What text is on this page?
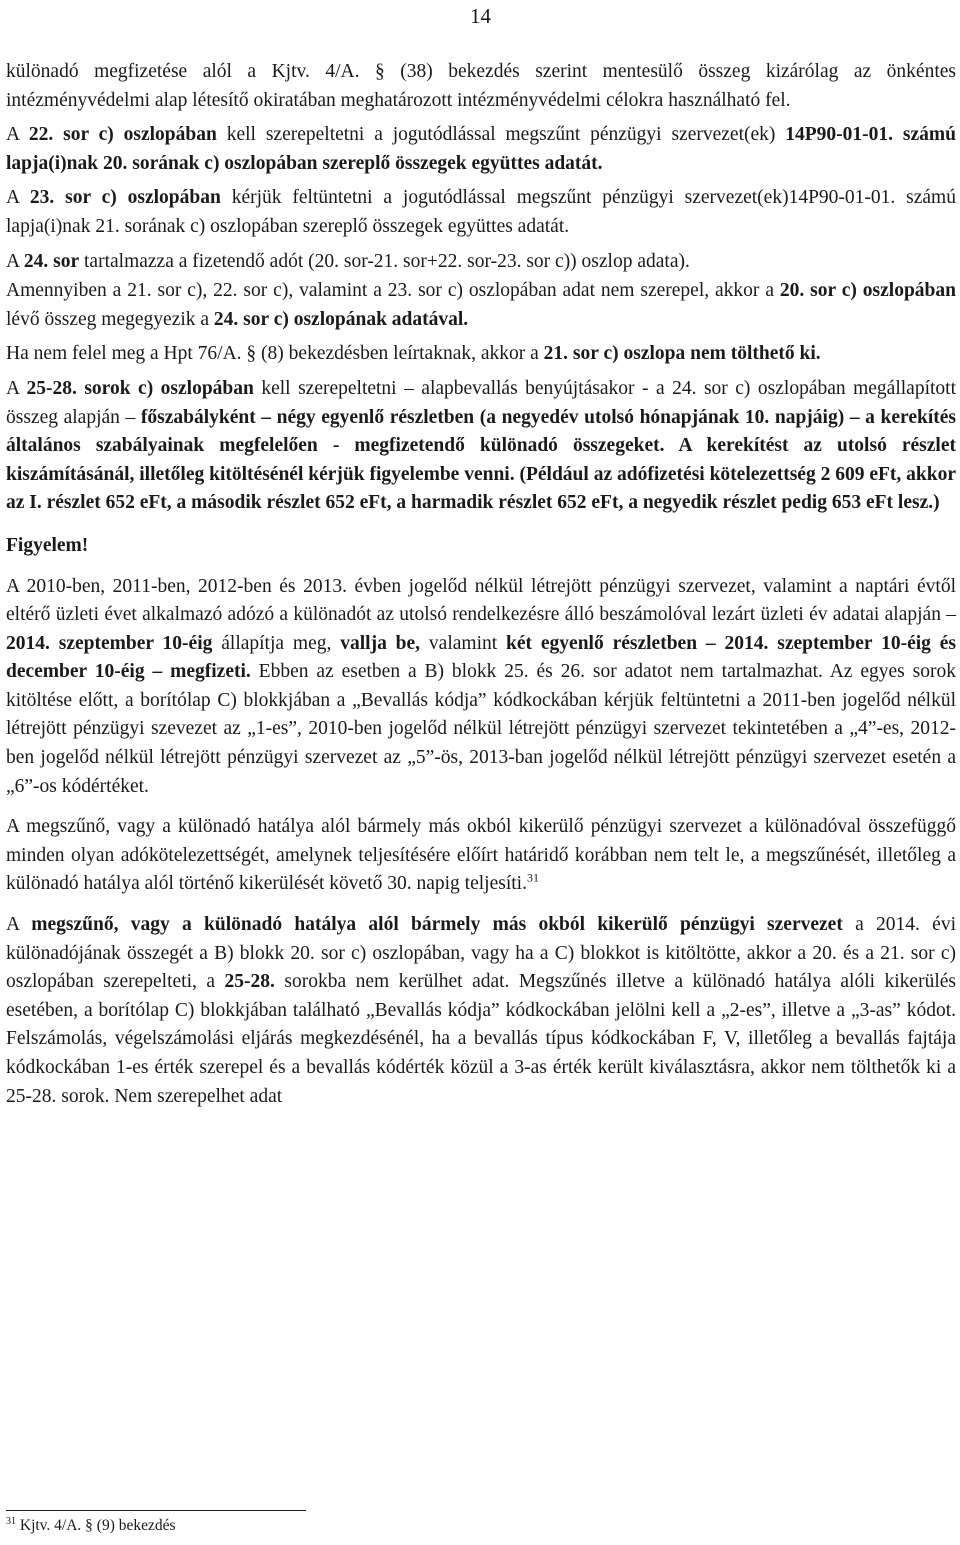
14

különadó megfizetése alól a Kjtv. 4/A. § (38) bekezdés szerint mentesülő összeg kizárólag az önkéntes intézményvédelmi alap létesítő okiratában meghatározott intézményvédelmi célokra használható fel.

A 22. sor c) oszlopában kell szerepeltetni a jogutódlással megszűnt pénzügyi szervezet(ek) 14P90-01-01. számú lapja(i)nak 20. sorának c) oszlopában szereplő összegek együttes adatát.

A 23. sor c) oszlopában kérjük feltüntetni a jogutódlással megszűnt pénzügyi szervezet(ek)14P90-01-01. számú lapja(i)nak 21. sorának c) oszlopában szereplő összegek együttes adatát.

A 24. sor tartalmazza a fizetendő adót (20. sor-21. sor+22. sor-23. sor c)) oszlop adata).

Amennyiben a 21. sor c), 22. sor c), valamint a 23. sor c) oszlopában adat nem szerepel, akkor a 20. sor c) oszlopában lévő összeg megegyezik a 24. sor c) oszlopának adatával.

Ha nem felel meg a Hpt 76/A. § (8) bekezdésben leírtaknak, akkor a 21. sor c) oszlopa nem tölthető ki.

A 25-28. sorok c) oszlopában kell szerepeltetni – alapbevallás benyújtásakor - a 24. sor c) oszlopában megállapított összeg alapján – főszabályként – négy egyenlő részletben (a negyedév utolsó hónapjának 10. napjáig) – a kerekítés általános szabályainak megfelelően - megfizetendő különadó összegeket. A kerekítést az utolsó részlet kiszámításánál, illetőleg kitöltésénél kérjük figyelembe venni. (Például az adófizetési kötelezettség 2 609 eFt, akkor az I. részlet 652 eFt, a második részlet 652 eFt, a harmadik részlet 652 eFt, a negyedik részlet pedig 653 eFt lesz.)

Figyelem!

A 2010-ben, 2011-ben, 2012-ben és 2013. évben jogelőd nélkül létrejött pénzügyi szervezet, valamint a naptári évtől eltérő üzleti évet alkalmazó adózó a különadót az utolsó rendelkezésre álló beszámolóval lezárt üzleti év adatai alapján – 2014. szeptember 10-éig állapítja meg, vallja be, valamint két egyenlő részletben – 2014. szeptember 10-éig és december 10-éig – megfizeti. Ebben az esetben a B) blokk 25. és 26. sor adatot nem tartalmazhat. Az egyes sorok kitöltése előtt, a borítólap C) blokkjában a „Bevallás kódja” kódkockában kérjük feltüntetni a 2011-ben jogelőd nélkül létrejött pénzügyi szevezet az „1-es”, 2010-ben jogelőd nélkül létrejött pénzügyi szervezet tekintetében a „4”-es, 2012-ben jogelőd nélkül létrejött pénzügyi szervezet az „5”-ös, 2013-ban jogelőd nélkül létrejött pénzügyi szervezet esetén a „6”-os kódértéket.

A megszűnő, vagy a különadó hatálya alól bármely más okból kikerülő pénzügyi szervezet a különadóval összefüggő minden olyan adókötelezettségét, amelynek teljesítésére előírt határidő korábban nem telt le, a megszűnését, illetőleg a különadó hatálya alól történő kikerülését követő 30. napig teljesíti.$^{31}$

A megszűnő, vagy a különadó hatálya alól bármely más okból kikerülő pénzügyi szervezet a 2014. évi különadójának összegét a B) blokk 20. sor c) oszlopában, vagy ha a C) blokkot is kitöltötte, akkor a 20. és a 21. sor c) oszlopában szerepelteti, a 25-28. sorokba nem kerülhet adat. Megszűnés illetve a különadó hatálya alóli kikerülés esetében, a borítólap C) blokkjában található „Bevallás kódja” kódkockában jelölni kell a „2-es”, illetve a „3-as” kódot. Felszámolás, végelszámolási eljárás megkezdésénél, ha a bevallás típus kódkockában F, V, illetőleg a bevallás fajtája kódkockában 1-es érték szerepel és a bevallás kódérték közül a 3-as érték került kiválasztásra, akkor nem tölthetők ki a 25-28. sorok. Nem szerepelhet adat

$^{31}$ Kjtv. 4/A. § (9) bekezdés
